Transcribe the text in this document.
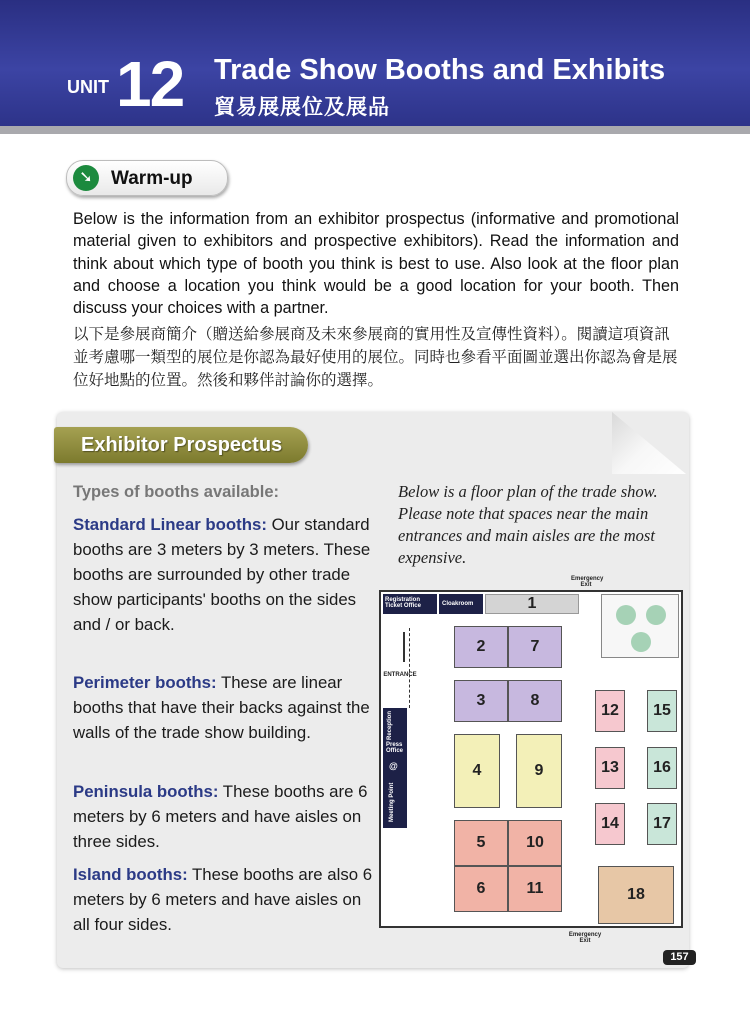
UNIT 12 Trade Show Booths and Exhibits
貿易展展位及展品
➘ Warm-up

Below is the information from an exhibitor prospectus (informative and promotional material given to exhibitors and prospective exhibitors). Read the information and think about which type of booth you think is best to use. Also look at the floor plan and choose a location you think would be a good location for your booth. Then discuss your choices with a partner.

以下是參展商簡介（贈送給參展商及未來參展商的實用性及宣傳性資料）。閱讀這項資訊並考慮哪一類型的展位是你認為最好使用的展位。同時也參看平面圖並選出你認為會是展位好地點的位置。然後和夥伴討論你的選擇。

Exhibitor Prospectus
Types of booths available:

Standard Linear booths: Our standard booths are 3 meters by 3 meters. These booths are surrounded by other trade show participants' booths on the sides and / or back.

Perimeter booths: These are linear booths that have their backs against the walls of the trade show building.

Peninsula booths: These booths are 6 meters by 6 meters and have aisles on three sides.

Island booths: These booths are also 6 meters by 6 meters and have aisles on all four sides.

Below is a floor plan of the trade show. Please note that spaces near the main entrances and main aisles are the most expensive.

Emergency Exit
Registration Ticket Office	Cloakroom	1
ENTRANCE
Reception
Press Office
@
Meeting Point
2	7
3	8
4	9
5	10
6	11
12
13
14
15
16
17
18
Emergency Exit
157
